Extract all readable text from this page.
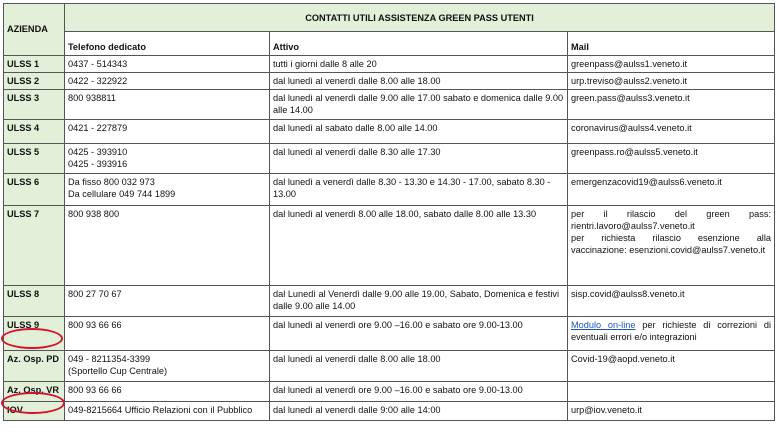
AZIENDA	CONTATTI UTILI ASSISTENZA GREEN PASS UTENTI		
	Telefono dedicato	Attivo	Mail
ULSS 1	0437 - 514343	tutti i giorni dalle 8 alle 20	greenpass@aulss1.veneto.it

ULSS 2	0422 - 322922	dal lunedì al venerdì dalle 8.00 alle 18.00	urp.treviso@aulss2.veneto.it

ULSS 3	800 938811	dal lunedì al venerdì dalle 9.00 alle 17.00 sabato e domenica dalle 9.00 alle 14.00	green.pass@aulss3.veneto.it

ULSS 4	0421 - 227879	dal lunedì al sabato dalle 8.00 alle 14.00	coronavirus@aulss4.veneto.it

ULSS 5	0425 - 393910
0425 - 393916	dal lunedì al venerdì dalle 8.30 alle 17.30	greenpass.ro@aulss5.veneto.it

ULSS 6	Da fisso 800 032 973
Da cellulare 049 744 1899	dal lunedì a venerdì dalle 8.30 - 13.30 e 14.30 - 17.00, sabato 8.30 - 13.00	emergenzacovid19@aulss6.veneto.it

ULSS 7	800 938 800	dal lunedì al venerdì 8.00 alle 18.00, sabato dalle 8.00 alle 13.30	per il rilascio del green pass: rientri.lavoro@aulss7.veneto.it
per richiesta rilascio esenzione alla vaccinazione: esenzioni.covid@aulss7.veneto.it

ULSS 8	800 27 70 67	dal Lunedì al Venerdì dalle 9.00 alle 19.00, Sabato, Domenica e festivi dalle 9.00 alle 14.00	sisp.covid@aulss8.veneto.it

ULSS 9	800 93 66 66	dal lunedì al venerdì ore 9.00 –16.00 e sabato ore 9.00-13.00	Modulo on-line per richieste di correzioni di eventuali errori e/o integrazioni
Az. Osp. PD	049 - 8211354-3399
(Sportello Cup Centrale)	dal lunedì al venerdì dalle 8.00 alle 18.00	Covid-19@aopd.veneto.it

Az. Osp. VR	800 93 66 66	dal lunedì al venerdì ore 9.00 –16.00 e sabato ore 9.00-13.00	

IOV	049-8215664 Ufficio Relazioni con il Pubblico	dal lunedì al venerdì dalle 9:00 alle 14:00	urp@iov.veneto.it
